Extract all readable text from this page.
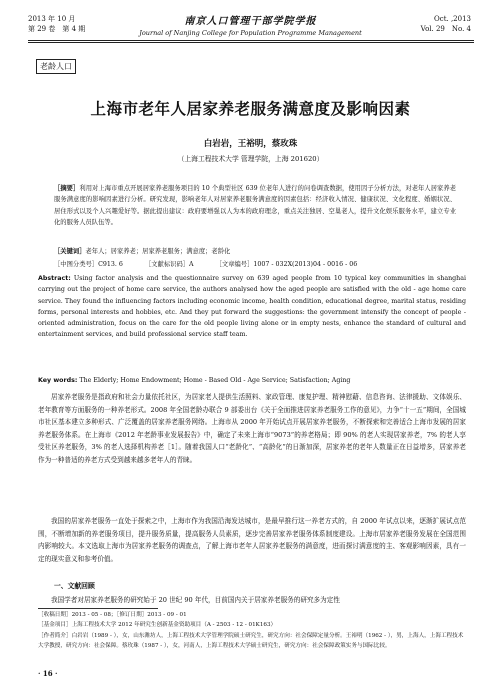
2013 年 10 月
第 29 卷　第 4 期
南京人口管理干部学院学报
Journal of Nanjing College for Population Programme Management
Oct. ,2013
Vol. 29　No. 4
老龄人口
上海市老年人居家养老服务满意度及影响因素
白岩岩，王裕明，蔡玫珠
（上海工程技术大学 管理学院，上海 201620）
［摘要］利用对上海市重点开展居家养老服务项目的 10 个典型社区 639 位老年人进行的问卷调查数据，使用因子分析方法，对老年人居家养老服务满意度的影响因素进行分析。研究发现，影响老年人对居家养老服务满意度的因素包括：经济收入情况、健康状况、文化程度、婚姻状况、居住形式以及个人兴趣爱好等。据此提出建议：政府要增强以人为本的政府理念，重点关注独居、空巢老人，提升文化娱乐服务水平，建立专业化的服务人员队伍等。
［关键词］老年人；居家养老；居家养老服务；满意度；老龄化
［中图分类号］C913. 6	［文献标识码］A	［文章编号］1007 - 032X(2013)04 - 0016 - 06
Abstract: Using factor analysis and the questionnaire survey on 639 aged people from 10 typical key communities in shanghai carrying out the project of home care service, the authors analysed how the aged people are satisfied with the old - age home care service. They found the influencing factors including economic income, health condition, educational degree, marital status, residing forms, personal interests and hobbies, etc. And they put forward the suggestions: the government intensify the concept of people - oriented administration, focus on the care for the old people living alone or in empty nests, enhance the standard of cultural and entertainment services, and build professional service staff team.
Key words: The Elderly; Home Endowment; Home - Based Old - Age Service; Satisfaction; Aging
居家养老服务是指政府和社会力量依托社区，为居家老人提供生活照料、家政管理、康复护理、精神慰藉、信息咨询、法律援助、文体娱乐、老年教育等方面服务的一种养老形式。2008 年全国老龄办联合 9 部委出台《关于全面推进居家养老服务工作的意见》，力争“十一五”期间，全国城市社区基本建立多种形式、广泛覆盖的居家养老服务网络。上海市从 2000 年开始试点开展居家养老服务，不断探索和完善适合上海市发展的居家养老服务体系。在上海市《2012 年老龄事业发展报告》中，确定了未来上海市“9073”的养老格局；即 90% 的老人实现居家养老，7% 的老人享受社区养老服务，3% 的老人选择机构养老［1］。随着我国人口“老龄化”、“高龄化”的日渐加深，居家养老的老年人数量正在日益增多，居家养老作为一种普适的养老方式受到越来越多老年人的青睐。
我国的居家养老服务一直处于探索之中，上海市作为我国沿海发达城市，是最早推行这一养老方式的，自 2000 年试点以来，逐渐扩展试点范围，不断增加新的养老服务项目，提升服务质量，提高服务人员素质，逐步完善居家养老服务体系制度建设。上海市居家养老服务发展在全国范围内影响较大。本文选取上海市为居家养老服务的调查点，了解上海市老年人居家养老服务的满意度，进而探讨满意度的主、客观影响因素，具有一定的现实意义和参考价值。
一、文献回顾
我国学者对居家养老服务的研究始于 20 世纪 90 年代，目前国内关于居家养老服务的研究多为定性
［收稿日期］2013 - 05 - 08；［修订日期］2013 - 09 - 01
［基金项目］上海工程技术大学 2012 年研究生创新基金资助项目（A - 2503 - 12 - 01K163）
［作者简介］白岩岩（1989 - ），女，山东潍坊人，上海工程技术大学管理学院硕士研究生，研究方向：社会保障定量分析。王裕明（1962 - ），男，上海人，上海工程技术大学教授，研究方向：社会保障。蔡玫珠（1987 - ），女，河南人，上海工程技术大学硕士研究生，研究方向：社会保障政策实务与国际比较。
· 16 ·
